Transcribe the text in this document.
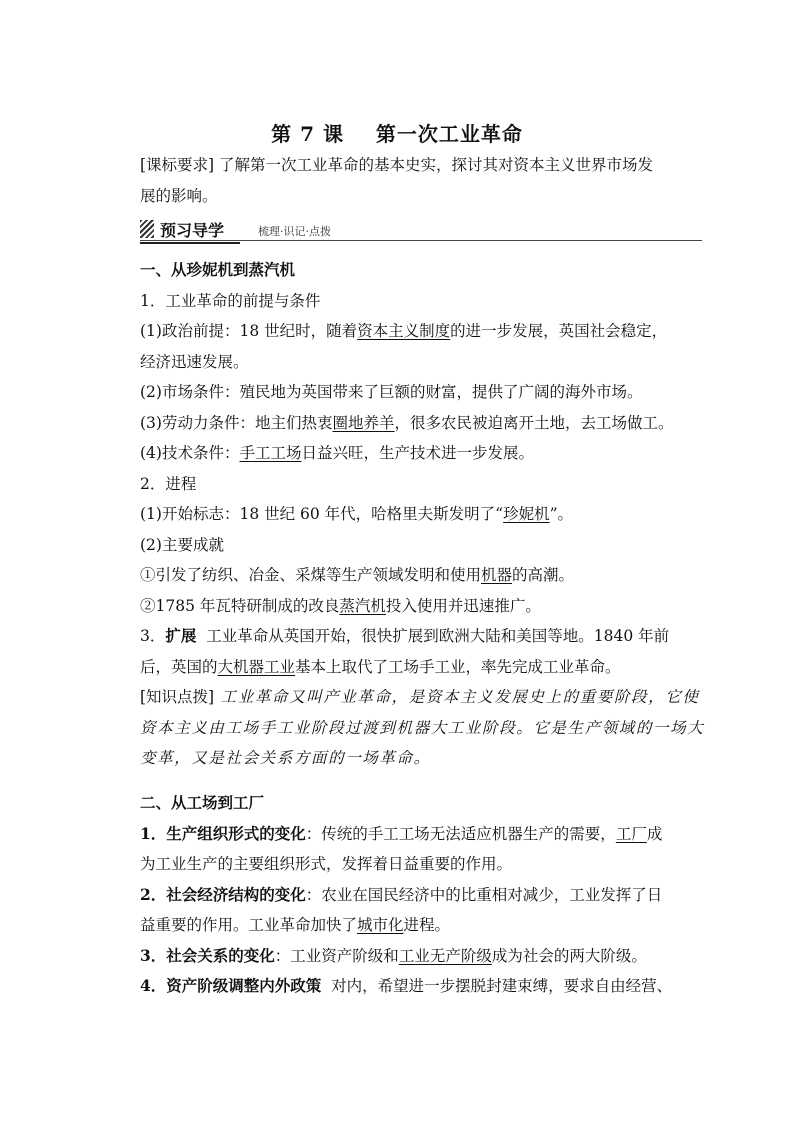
第 7 课 第一次工业革命

[课标要求] 了解第一次工业革命的基本史实，探讨其对资本主义世界市场发

展的影响。

预习导学	梳理·识记·点拨

一、从珍妮机到蒸汽机

1．工业革命的前提与条件

(1)政治前提：18 世纪时，随着资本主义制度的进一步发展，英国社会稳定，

经济迅速发展。

(2)市场条件：殖民地为英国带来了巨额的财富，提供了广阔的海外市场。

(3)劳动力条件：地主们热衷圈地养羊，很多农民被迫离开土地，去工场做工。

(4)技术条件：手工工场日益兴旺，生产技术进一步发展。

2．进程

(1)开始标志：18 世纪 60 年代，哈格里夫斯发明了“珍妮机”。

(2)主要成就

①引发了纺织、冶金、采煤等生产领域发明和使用机器的高潮。

②1785 年瓦特研制成的改良蒸汽机投入使用并迅速推广。

3．扩展  工业革命从英国开始，很快扩展到欧洲大陆和美国等地。1840 年前

后，英国的大机器工业基本上取代了工场手工业，率先完成工业革命。

[知识点拨] 工业革命又叫产业革命，是资本主义发展史上的重要阶段，它使

资本主义由工场手工业阶段过渡到机器大工业阶段。它是生产领域的一场大

变革，又是社会关系方面的一场革命。

二、从工场到工厂

1．生产组织形式的变化：传统的手工工场无法适应机器生产的需要，工厂成

为工业生产的主要组织形式，发挥着日益重要的作用。

2．社会经济结构的变化：农业在国民经济中的比重相对减少，工业发挥了日

益重要的作用。工业革命加快了城市化进程。

3．社会关系的变化：工业资产阶级和工业无产阶级成为社会的两大阶级。

4．资产阶级调整内外政策  对内，希望进一步摆脱封建束缚，要求自由经营、
